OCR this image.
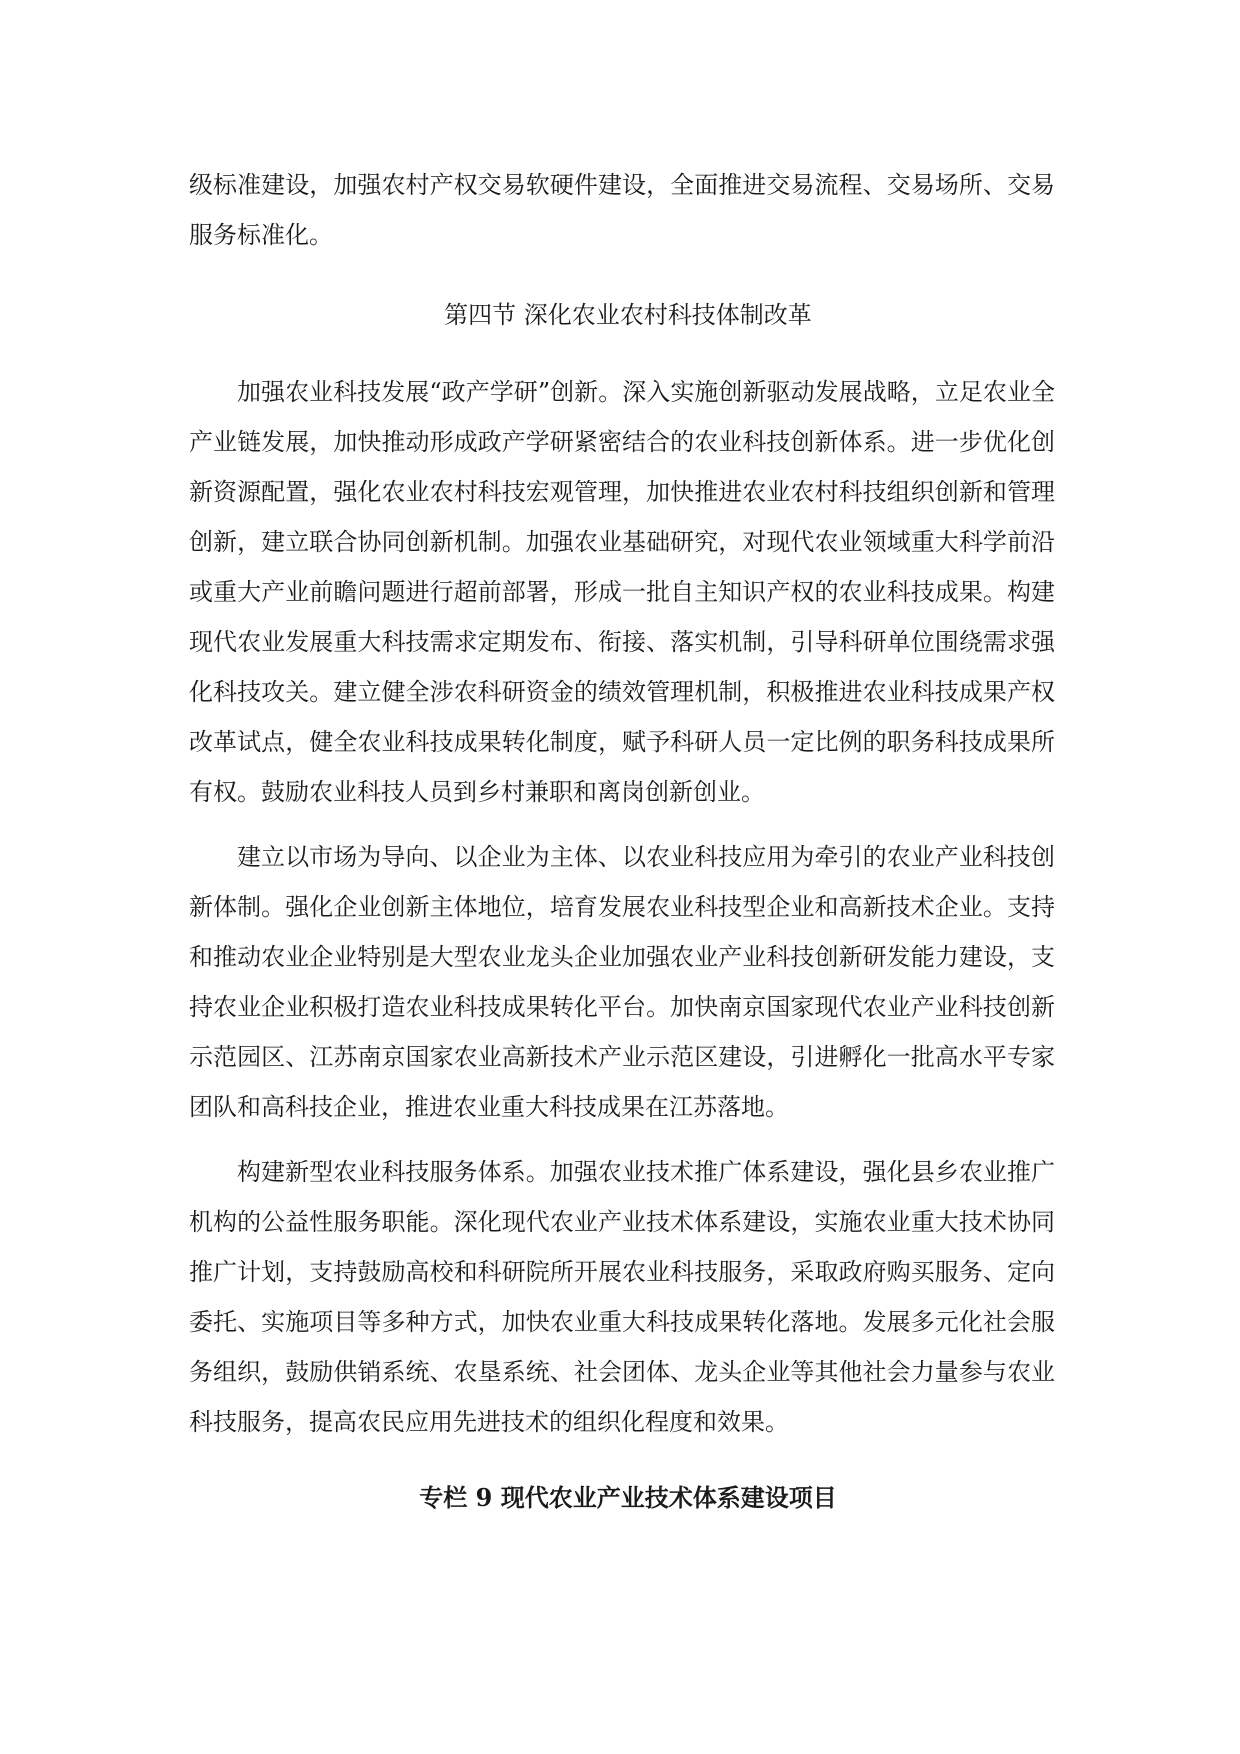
级标准建设，加强农村产权交易软硬件建设，全面推进交易流程、交易场所、交易服务标准化。

第四节 深化农业农村科技体制改革

加强农业科技发展“政产学研”创新。深入实施创新驱动发展战略，立足农业全产业链发展，加快推动形成政产学研紧密结合的农业科技创新体系。进一步优化创新资源配置，强化农业农村科技宏观管理，加快推进农业农村科技组织创新和管理创新，建立联合协同创新机制。加强农业基础研究，对现代农业领域重大科学前沿或重大产业前瞻问题进行超前部署，形成一批自主知识产权的农业科技成果。构建现代农业发展重大科技需求定期发布、衔接、落实机制，引导科研单位围绕需求强化科技攻关。建立健全涉农科研资金的绩效管理机制，积极推进农业科技成果产权改革试点，健全农业科技成果转化制度，赋予科研人员一定比例的职务科技成果所有权。鼓励农业科技人员到乡村兼职和离岗创新创业。

建立以市场为导向、以企业为主体、以农业科技应用为牵引的农业产业科技创新体制。强化企业创新主体地位，培育发展农业科技型企业和高新技术企业。支持和推动农业企业特别是大型农业龙头企业加强农业产业科技创新研发能力建设，支持农业企业积极打造农业科技成果转化平台。加快南京国家现代农业产业科技创新示范园区、江苏南京国家农业高新技术产业示范区建设，引进孵化一批高水平专家团队和高科技企业，推进农业重大科技成果在江苏落地。

构建新型农业科技服务体系。加强农业技术推广体系建设，强化县乡农业推广机构的公益性服务职能。深化现代农业产业技术体系建设，实施农业重大技术协同推广计划，支持鼓励高校和科研院所开展农业科技服务，采取政府购买服务、定向委托、实施项目等多种方式，加快农业重大科技成果转化落地。发展多元化社会服务组织，鼓励供销系统、农垦系统、社会团体、龙头企业等其他社会力量参与农业科技服务，提高农民应用先进技术的组织化程度和效果。

专栏 9 现代农业产业技术体系建设项目
